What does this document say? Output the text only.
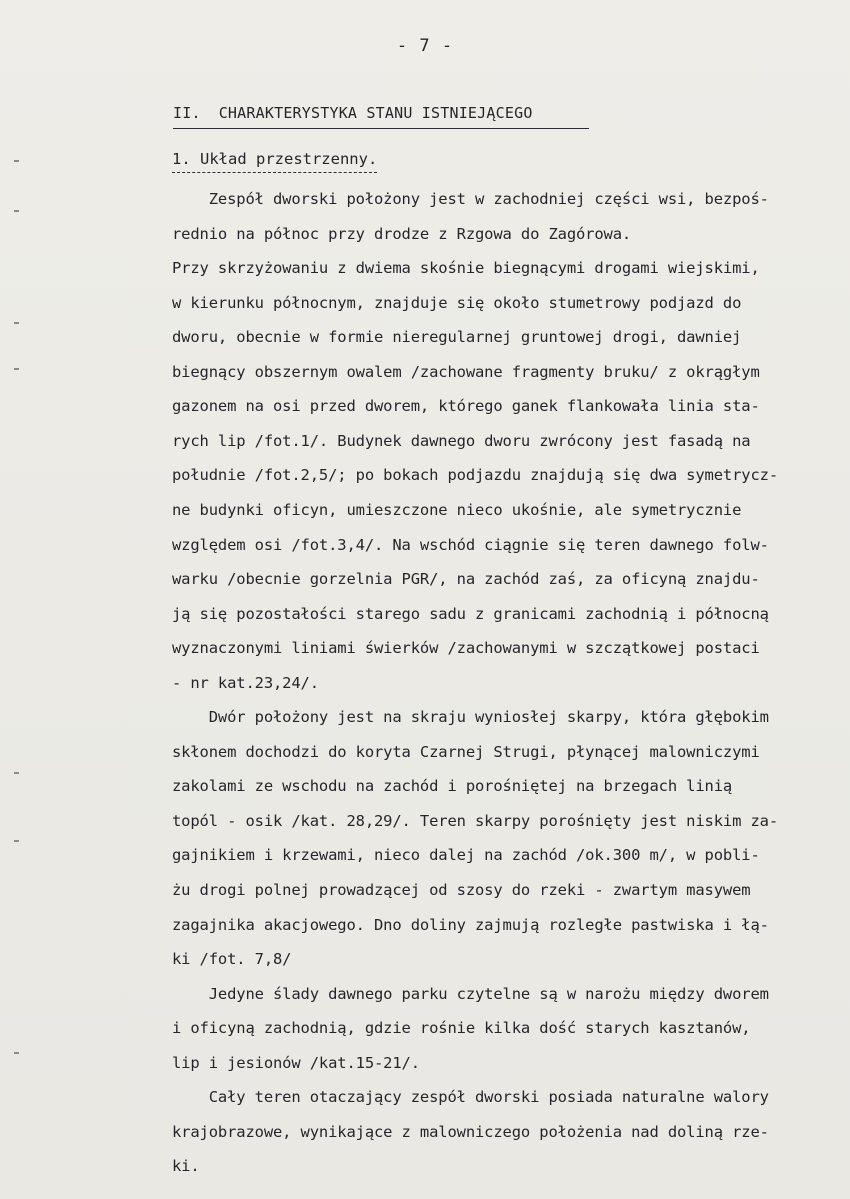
- 7 -
II. CHARAKTERYSTYKA STANU ISTNIEJĄCEGO
1. Układ przestrzenny.
Zespół dworski położony jest w zachodniej części wsi, bezpoś-
rednio na północ przy drodze z Rzgowa do Zagórowa.
Przy skrzyżowaniu z dwiema skośnie biegnącymi drogami wiejskimi,
w kierunku północnym, znajduje się około stumetrowy podjazd do
dworu, obecnie w formie nieregularnej gruntowej drogi, dawniej
biegnący obszernym owalem /zachowane fragmenty bruku/ z okrągłym
gazonem na osi przed dworem, którego ganek flankowała linia sta-
rych lip /fot.1/. Budynek dawnego dworu zwrócony jest fasadą na
południe /fot.2,5/; po bokach podjazdu znajdują się dwa symetrycz-
ne budynki oficyn, umieszczone nieco ukośnie, ale symetrycznie
względem osi /fot.3,4/. Na wschód ciągnie się teren dawnego folw-
warku /obecnie gorzelnia PGR/, na zachód zaś, za oficyną znajdu-
ją się pozostałości starego sadu z granicami zachodnią i północną
wyznaczonymi liniami świerków /zachowanymi w szczątkowej postaci
- nr kat.23,24/.
Dwór położony jest na skraju wyniosłej skarpy, która głębokim
skłonem dochodzi do koryta Czarnej Strugi, płynącej malowniczymi
zakolami ze wschodu na zachód i porośniętej na brzegach linią
topól - osik /kat. 28,29/. Teren skarpy porośnięty jest niskim za-
gajnikiem i krzewami, nieco dalej na zachód /ok.300 m/, w pobli-
żu drogi polnej prowadzącej od szosy do rzeki - zwartym masywem
zagajnika akacjowego. Dno doliny zajmują rozległe pastwiska i łą-
ki /fot. 7,8/
Jedyne ślady dawnego parku czytelne są w narożu między dworem
i oficyną zachodnią, gdzie rośnie kilka dość starych kasztanów,
lip i jesionów /kat.15-21/.
Cały teren otaczający zespół dworski posiada naturalne walory
krajobrazowe, wynikające z malowniczego położenia nad doliną rze-
ki.
